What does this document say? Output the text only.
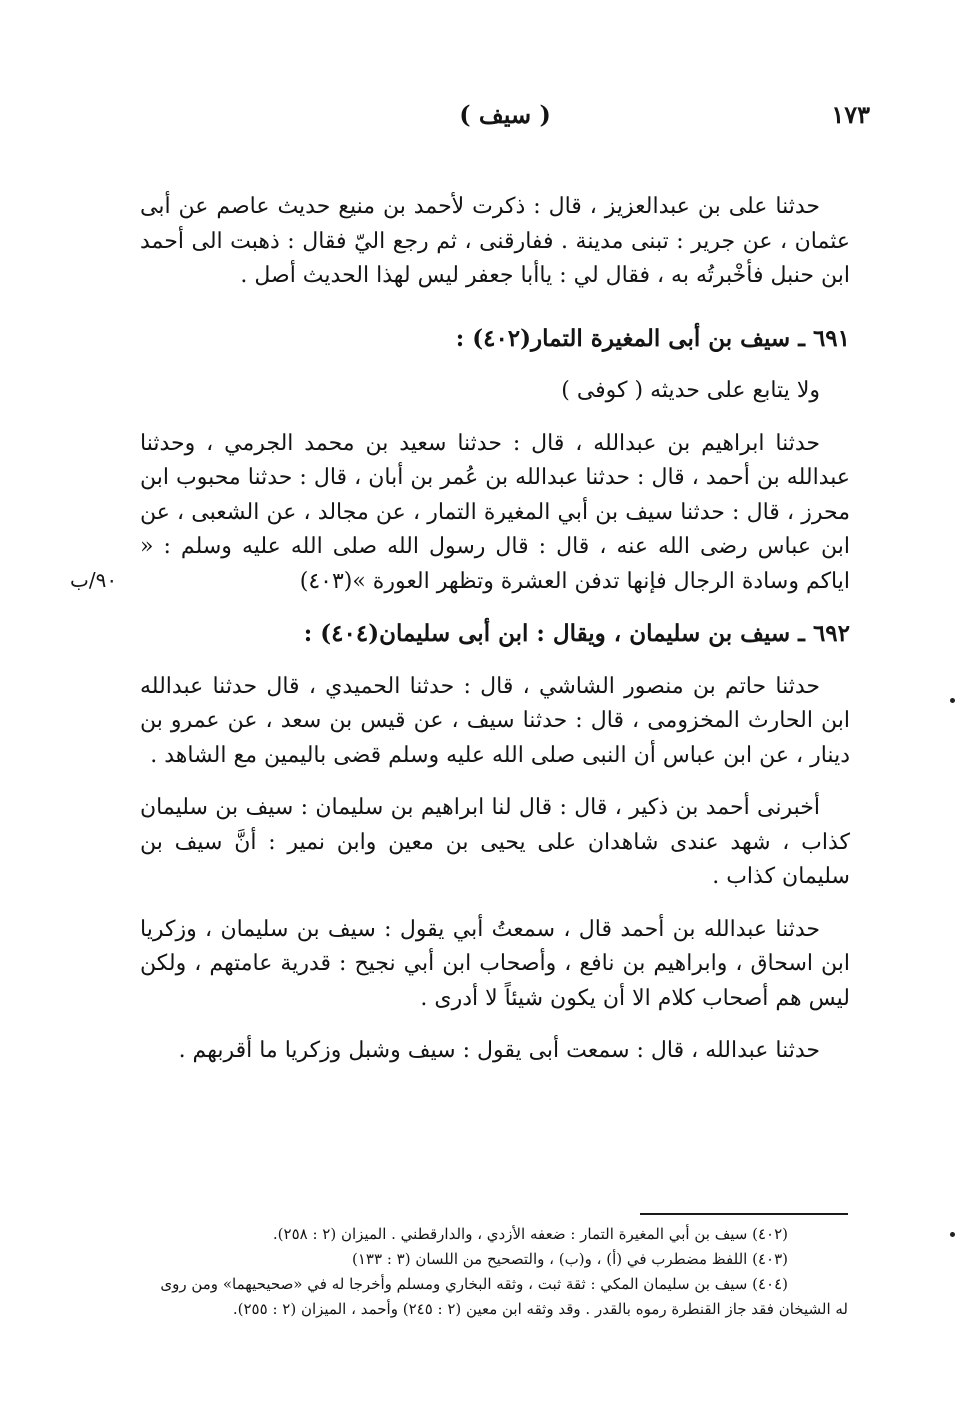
١٧٣
( سيف )
٩٠/ب

حدثنا على بن عبدالعزيز ، قال : ذكرت لأحمد بن منيع حديث عاصم عن أبى عثمان ، عن جرير : تبنى مدينة . ففارقنى ، ثم رجع اليّ فقال : ذهبت الى أحمد ابن حنبل فأخْبرتُه به ، فقال لي : ياأبا جعفر ليس لهذا الحديث أصل .

٦٩١ ـ سيف بن أبى المغيرة التمار(٤٠٢) :

ولا يتابع على حديثه ( كوفى )

حدثنا ابراهيم بن عبدالله ، قال : حدثنا سعيد بن محمد الجرمي ، وحدثنا عبدالله بن أحمد ، قال : حدثنا عبدالله بن عُمر بن أبان ، قال : حدثنا محبوب ابن محرز ، قال : حدثنا سيف بن أبي المغيرة التمار ، عن مجالد ، عن الشعبى ، عن ابن عباس رضى الله عنه ، قال : قال رسول الله صلى الله عليه وسلم : « اياكم وسادة الرجال فإنها تدفن العشرة وتظهر العورة »(٤٠٣)

٦٩٢ ـ سيف بن سليمان ، ويقال : ابن أبى سليمان(٤٠٤) :

حدثنا حاتم بن منصور الشاشي ، قال : حدثنا الحميدي ، قال حدثنا عبدالله ابن الحارث المخزومى ، قال : حدثنا سيف ، عن قيس بن سعد ، عن عمرو بن دينار ، عن ابن عباس أن النبى صلى الله عليه وسلم قضى باليمين مع الشاهد .

أخبرنى أحمد بن ذكير ، قال : قال لنا ابراهيم بن سليمان : سيف بن سليمان كذاب ، شهد عندى شاهدان على يحيى بن معين وابن نمير : أنَّ سيف بن سليمان كذاب .

حدثنا عبدالله بن أحمد قال ، سمعتُ أبي يقول : سيف بن سليمان ، وزكريا ابن اسحاق ، وابراهيم بن نافع ، وأصحاب ابن أبي نجيح : قدرية عامتهم ، ولكن ليس هم أصحاب كلام الا أن يكون شيئاً لا أدرى .

حدثنا عبدالله ، قال : سمعت أبى يقول : سيف وشبل وزكريا ما أقربهم .

(٤٠٢) سيف بن أبي المغيرة التمار : ضعفه الأزدي ، والدارقطني . الميزان (٢ : ٢٥٨).

(٤٠٣) اللفظ مضطرب في (أ) ، و(ب) ، والتصحيح من اللسان (٣ : ١٣٣)

(٤٠٤) سيف بن سليمان المكي : ثقة ثبت ، وثقه البخاري ومسلم وأخرجا له في «صحيحيهما» ومن روى

له الشيخان فقد جاز القنطرة رموه بالقدر . وقد وثقه ابن معين (٢ : ٢٤٥) وأحمد ، الميزان (٢ : ٢٥٥).
